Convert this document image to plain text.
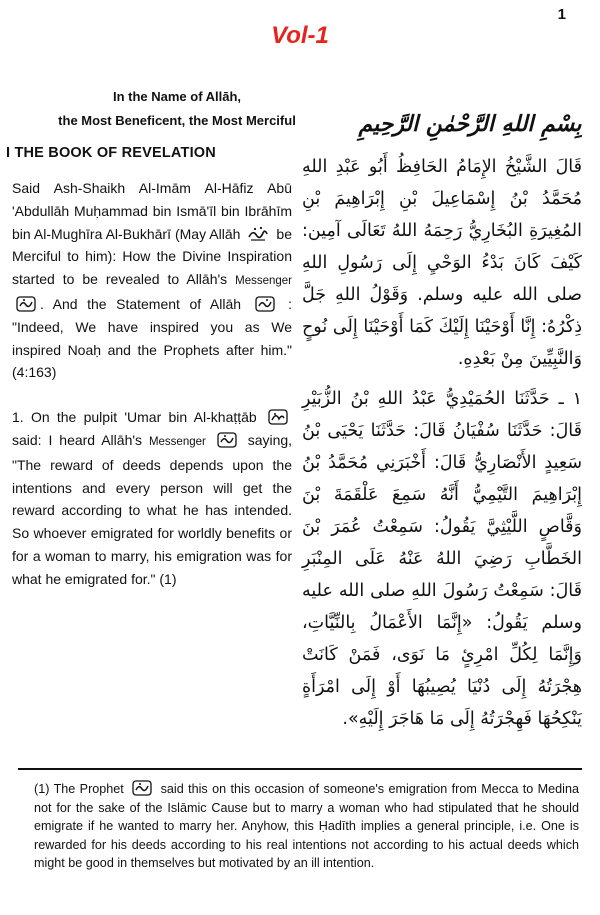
1
Vol-1
In the Name of Allāh,
the Most Beneficent, the Most Merciful
I THE BOOK OF REVELATION
Said Ash-Shaikh Al-Imām Al-Hāfiz Abū 'Abdullāh Muḥammad bin Ismā'īl bin Ibrāhīm bin Al-Mughīra Al-Bukhārī (May Allāh	be Merciful to him): How the Divine Inspiration started to be revealed to Allāh's Messenger
. And the Statement of Allāh	: "Indeed, We have inspired you as We inspired Noaḥ and the Prophets after him." (4:163)
1. On the pulpit 'Umar bin Al-khaṭṭāb
said: I heard Allāh's Messenger	saying, "The reward of deeds depends upon the intentions and every person will get the reward according to what he has intended. So whoever emigrated for worldly benefits or for a woman to marry, his emigration was for what he emigrated for." (1)
بِسْمِ اللهِ الرَّحْمٰنِ الرَّحِيمِ
قَالَ الشَّيْخُ الإِمَامُ الحَافِظُ أَبُو عَبْدِ اللهِ مُحَمَّدُ بْنُ إِسْمَاعِيلَ بْنِ إِبْرَاهِيمَ بْنِ المُغِيرَةِ البُخَارِيُّ رَحِمَهُ اللهُ تَعَالَى آمِين: كَيْفَ كَانَ بَدْءُ الوَحْيِ إِلَى رَسُولِ اللهِ صلى الله عليه وسلم. وَقَوْلُ اللهِ جَلَّ ذِكْرُهُ: إِنَّا أَوْحَيْنَا إِلَيْكَ كَمَا أَوْحَيْنَا إِلَى نُوحٍ وَالنَّبِيِّينَ مِنْ بَعْدِهِ.
١ ـ حَدَّثَنَا الحُمَيْدِيُّ عَبْدُ اللهِ بْنُ الزُّبَيْرِ قَالَ: حَدَّثَنَا سُفْيَانُ قَالَ: حَدَّثَنَا يَحْيَى بْنُ سَعِيدٍ الأَنْصَارِيُّ قَالَ: أَخْبَرَنِي مُحَمَّدُ بْنُ إِبْرَاهِيمَ التَّيْمِيُّ أَنَّهُ سَمِعَ عَلْقَمَةَ بْنَ وَقَّاصٍ اللَّيْثِيَّ يَقُولُ: سَمِعْتُ عُمَرَ بْنَ الخَطَّابِ رَضِيَ اللهُ عَنْهُ عَلَى المِنْبَرِ قَالَ: سَمِعْتُ رَسُولَ اللهِ صلى الله عليه وسلم يَقُولُ: «إِنَّمَا الأَعْمَالُ بِالنِّيَّاتِ، وَإِنَّمَا لِكُلِّ امْرِئٍ مَا نَوَى، فَمَنْ كَانَتْ هِجْرَتُهُ إِلَى دُنْيَا يُصِيبُهَا أَوْ إِلَى امْرَأَةٍ يَنْكِحُهَا فَهِجْرَتُهُ إِلَى مَا هَاجَرَ إِلَيْهِ».
(1) The Prophet	said this on this occasion of someone's emigration from Mecca to Medina not for the sake of the Islāmic Cause but to marry a woman who had stipulated that he should emigrate if he wanted to marry her. Anyhow, this Ḥadīth implies a general principle, i.e. One is rewarded for his deeds according to his real intentions not according to his actual deeds which might be good in themselves but motivated by an ill intention.
